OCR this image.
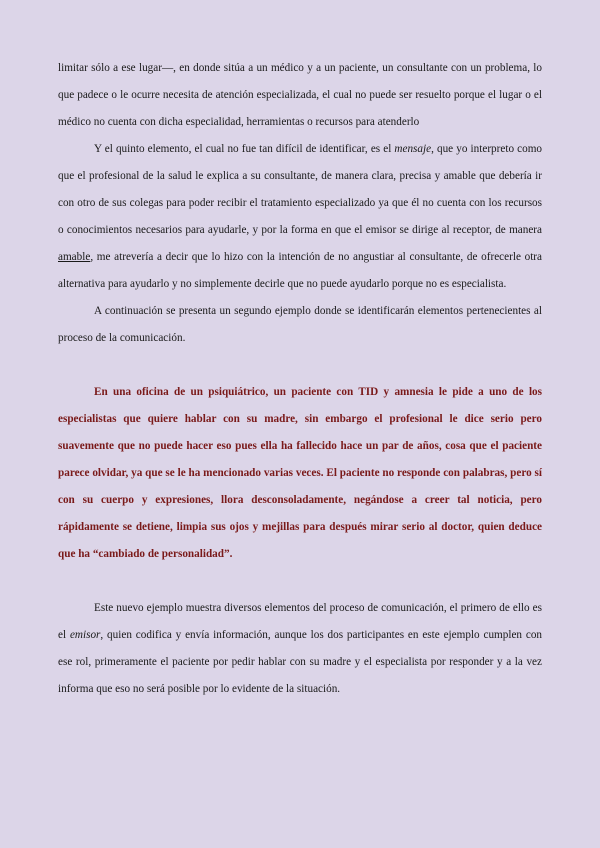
limitar sólo a ese lugar—, en donde sitúa a un médico y a un paciente, un consultante con un problema, lo que padece o le ocurre necesita de atención especializada, el cual no puede ser resuelto porque el lugar o el médico no cuenta con dicha especialidad, herramientas o recursos para atenderlo

Y el quinto elemento, el cual no fue tan difícil de identificar, es el mensaje, que yo interpreto como que el profesional de la salud le explica a su consultante, de manera clara, precisa y amable que debería ir con otro de sus colegas para poder recibir el tratamiento especializado ya que él no cuenta con los recursos o conocimientos necesarios para ayudarle, y por la forma en que el emisor se dirige al receptor, de manera amable, me atrevería a decir que lo hizo con la intención de no angustiar al consultante, de ofrecerle otra alternativa para ayudarlo y no simplemente decirle que no puede ayudarlo porque no es especialista.

A continuación se presenta un segundo ejemplo donde se identificarán elementos pertenecientes al proceso de la comunicación.

En una oficina de un psiquiátrico, un paciente con TID y amnesia le pide a uno de los especialistas que quiere hablar con su madre, sin embargo el profesional le dice serio pero suavemente que no puede hacer eso pues ella ha fallecido hace un par de años, cosa que el paciente parece olvidar, ya que se le ha mencionado varias veces. El paciente no responde con palabras, pero sí con su cuerpo y expresiones, llora desconsoladamente, negándose a creer tal noticia, pero rápidamente se detiene, limpia sus ojos y mejillas para después mirar serio al doctor, quien deduce que ha “cambiado de personalidad”.

Este nuevo ejemplo muestra diversos elementos del proceso de comunicación, el primero de ello es el emisor, quien codifica y envía información, aunque los dos participantes en este ejemplo cumplen con ese rol, primeramente el paciente por pedir hablar con su madre y el especialista por responder y a la vez informa que eso no será posible por lo evidente de la situación.
